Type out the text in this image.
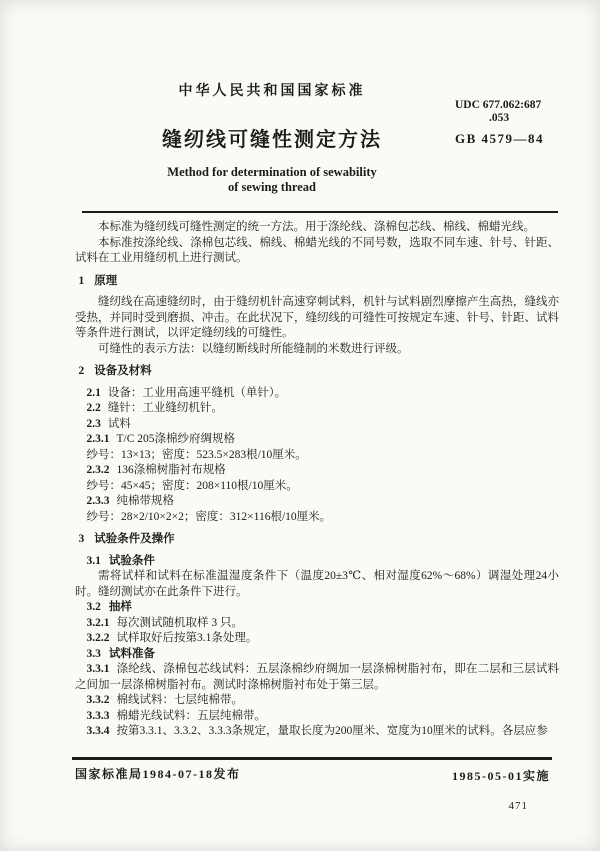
中华人民共和国国家标准

缝纫线可缝性测定方法

Method for determination of sewability

of sewing thread

UDC 677.062:687
.053
GB 4579—84

本标准为缝纫线可缝性测定的统一方法。用于涤纶线、涤棉包芯线、棉线、棉蜡光线。

本标准按涤纶线、涤棉包芯线、棉线、棉蜡光线的不同号数，选取不同车速、针号、针距、试料在工业用缝纫机上进行测试。

1 原理

缝纫线在高速缝纫时，由于缝纫机针高速穿刺试料，机针与试料剧烈摩擦产生高热，缝线亦受热，并同时受到磨损、冲击。在此状况下，缝纫线的可缝性可按规定车速、针号、针距、试料等条件进行测试，以评定缝纫线的可缝性。

可缝性的表示方法：以缝纫断线时所能缝制的米数进行评级。

2 设备及材料

2.1 设备：工业用高速平缝机（单针）。

2.2 缝针：工业缝纫机针。

2.3 试料

2.3.1 T/C 205涤棉纱府绸规格

纱号：13×13；密度：523.5×283根/10厘米。

2.3.2 136涤棉树脂衬布规格

纱号：45×45；密度：208×110根/10厘米。

2.3.3 纯棉带规格

纱号：28×2/10×2×2；密度：312×116根/10厘米。

3 试验条件及操作

3.1 试验条件

需将试样和试料在标准温湿度条件下（温度20±3℃、相对湿度62%～68%）调湿处理24小时。缝纫测试亦在此条件下进行。

3.2 抽样

3.2.1 每次测试随机取样 3 只。

3.2.2 试样取好后按第3.1条处理。

3.3 试料准备

3.3.1 涤纶线、涤棉包芯线试料：五层涤棉纱府绸加一层涤棉树脂衬布，即在二层和三层试料之间加一层涤棉树脂衬布。测试时涤棉树脂衬布处于第三层。

3.3.2 棉线试料：七层纯棉带。

3.3.3 棉蜡光线试料：五层纯棉带。

3.3.4 按第3.3.1、3.3.2、3.3.3条规定，量取长度为200厘米、宽度为10厘米的试料。各层应参

国家标准局1984-07-18发布	1985-05-01实施
471
